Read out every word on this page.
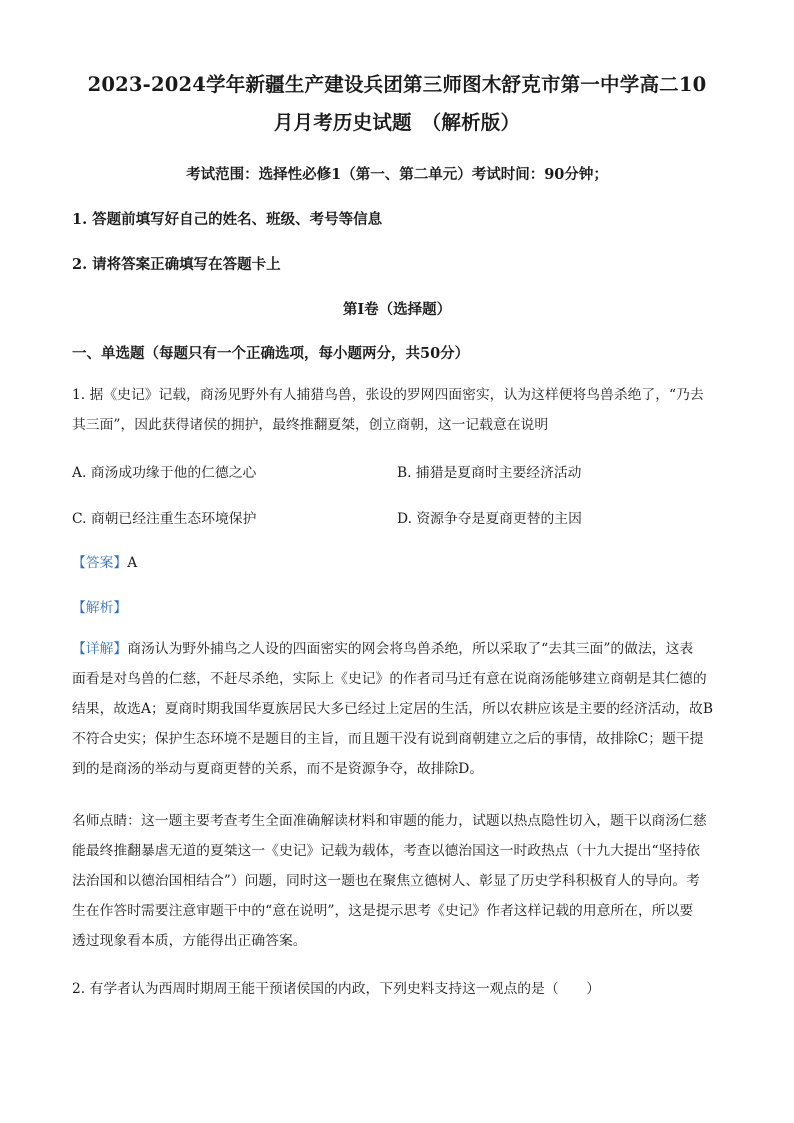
2023-2024学年新疆生产建设兵团第三师图木舒克市第一中学高二10
月月考历史试题　（解析版）
考试范围：选择性必修1（第一、第二单元）考试时间：90分钟；
1. 答题前填写好自己的姓名、班级、考号等信息
2. 请将答案正确填写在答题卡上
第Ⅰ卷（选择题）
一、单选题（每题只有一个正确选项，每小题两分，共50分）

1. 据《史记》记载，商汤见野外有人捕猎鸟兽，张设的罗网四面密实，认为这样便将鸟兽杀绝了，“乃去

其三面”，因此获得诸侯的拥护，最终推翻夏桀，创立商朝，这一记载意在说明

A. 商汤成功缘于他的仁德之心	B. 捕猎是夏商时主要经济活动
C. 商朝已经注重生态环境保护	D. 资源争夺是夏商更替的主因
【答案】A
【解析】

【详解】商汤认为野外捕鸟之人设的四面密实的网会将鸟兽杀绝，所以采取了“去其三面”的做法，这表

面看是对鸟兽的仁慈，不赶尽杀绝，实际上《史记》的作者司马迁有意在说商汤能够建立商朝是其仁德的

结果，故选A；夏商时期我国华夏族居民大多已经过上定居的生活，所以农耕应该是主要的经济活动，故B

不符合史实；保护生态环境不是题目的主旨，而且题干没有说到商朝建立之后的事情，故排除C；题干提

到的是商汤的举动与夏商更替的关系，而不是资源争夺，故排除D。

名师点睛：这一题主要考查考生全面准确解读材料和审题的能力，试题以热点隐性切入，题干以商汤仁慈

能最终推翻暴虐无道的夏桀这一《史记》记载为载体，考查以德治国这一时政热点（十九大提出“坚持依

法治国和以德治国相结合”）问题，同时这一题也在聚焦立德树人、彰显了历史学科积极育人的导向。考

生在作答时需要注意审题干中的“意在说明”，这是提示思考《史记》作者这样记载的用意所在，所以要

透过现象看本质，方能得出正确答案。

2. 有学者认为西周时期周王能干预诸侯国的内政，下列史料支持这一观点的是（　　）
